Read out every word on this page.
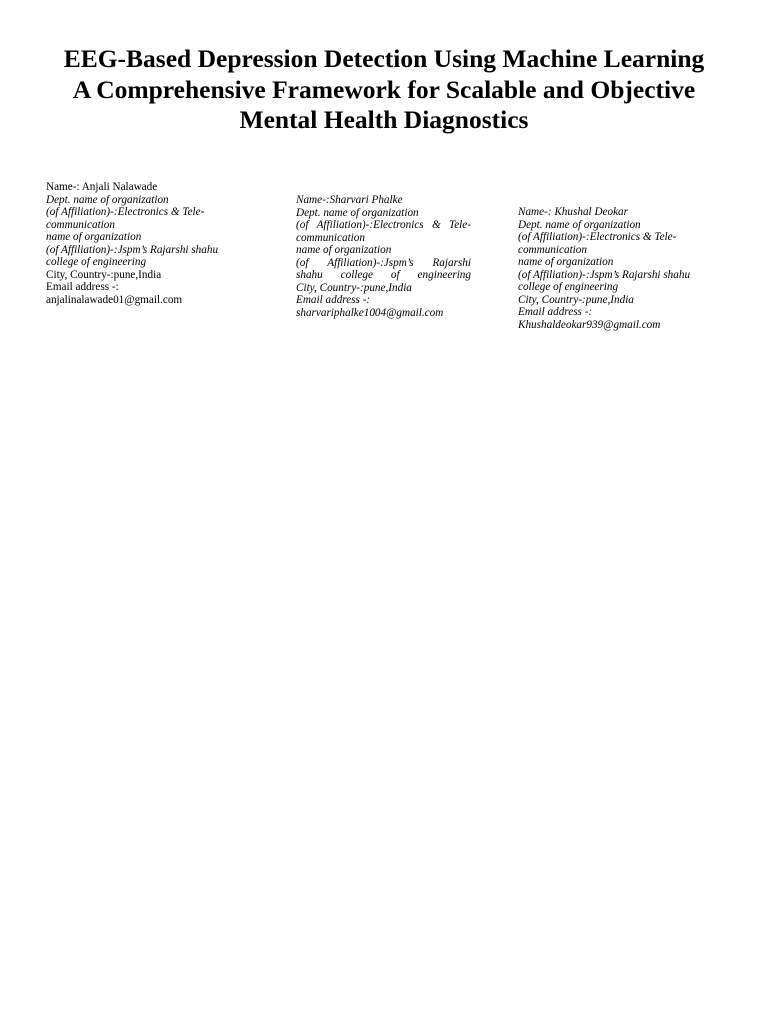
EEG-Based Depression Detection Using Machine Learning A Comprehensive Framework for Scalable and Objective Mental Health Diagnostics
Name-: Anjali Nalawade
Dept. name of organization
(of Affiliation)-:Electronics & Tele-communication
name of organization
(of Affiliation)-:Jspm’s Rajarshi shahu college of engineering
City, Country-:pune,India
Email address -:
anjalinalawade01@gmail.com
Name-:Sharvari Phalke
Dept. name of organization
(of Affiliation)-:Electronics & Tele-
communication
name of organization
(of Affiliation)-:Jspm’s Rajarshi
shahu college of engineering
City, Country-:pune,India
Email address -:
sharvariphalke1004@gmail.com
Name-: Khushal Deokar
Dept. name of organization
(of Affiliation)-:Electronics & Tele-
communication
name of organization
(of Affiliation)-:Jspm’s Rajarshi shahu
college of engineering
City, Country-:pune,India
Email address -:
Khushaldeokar939@gmail.com
